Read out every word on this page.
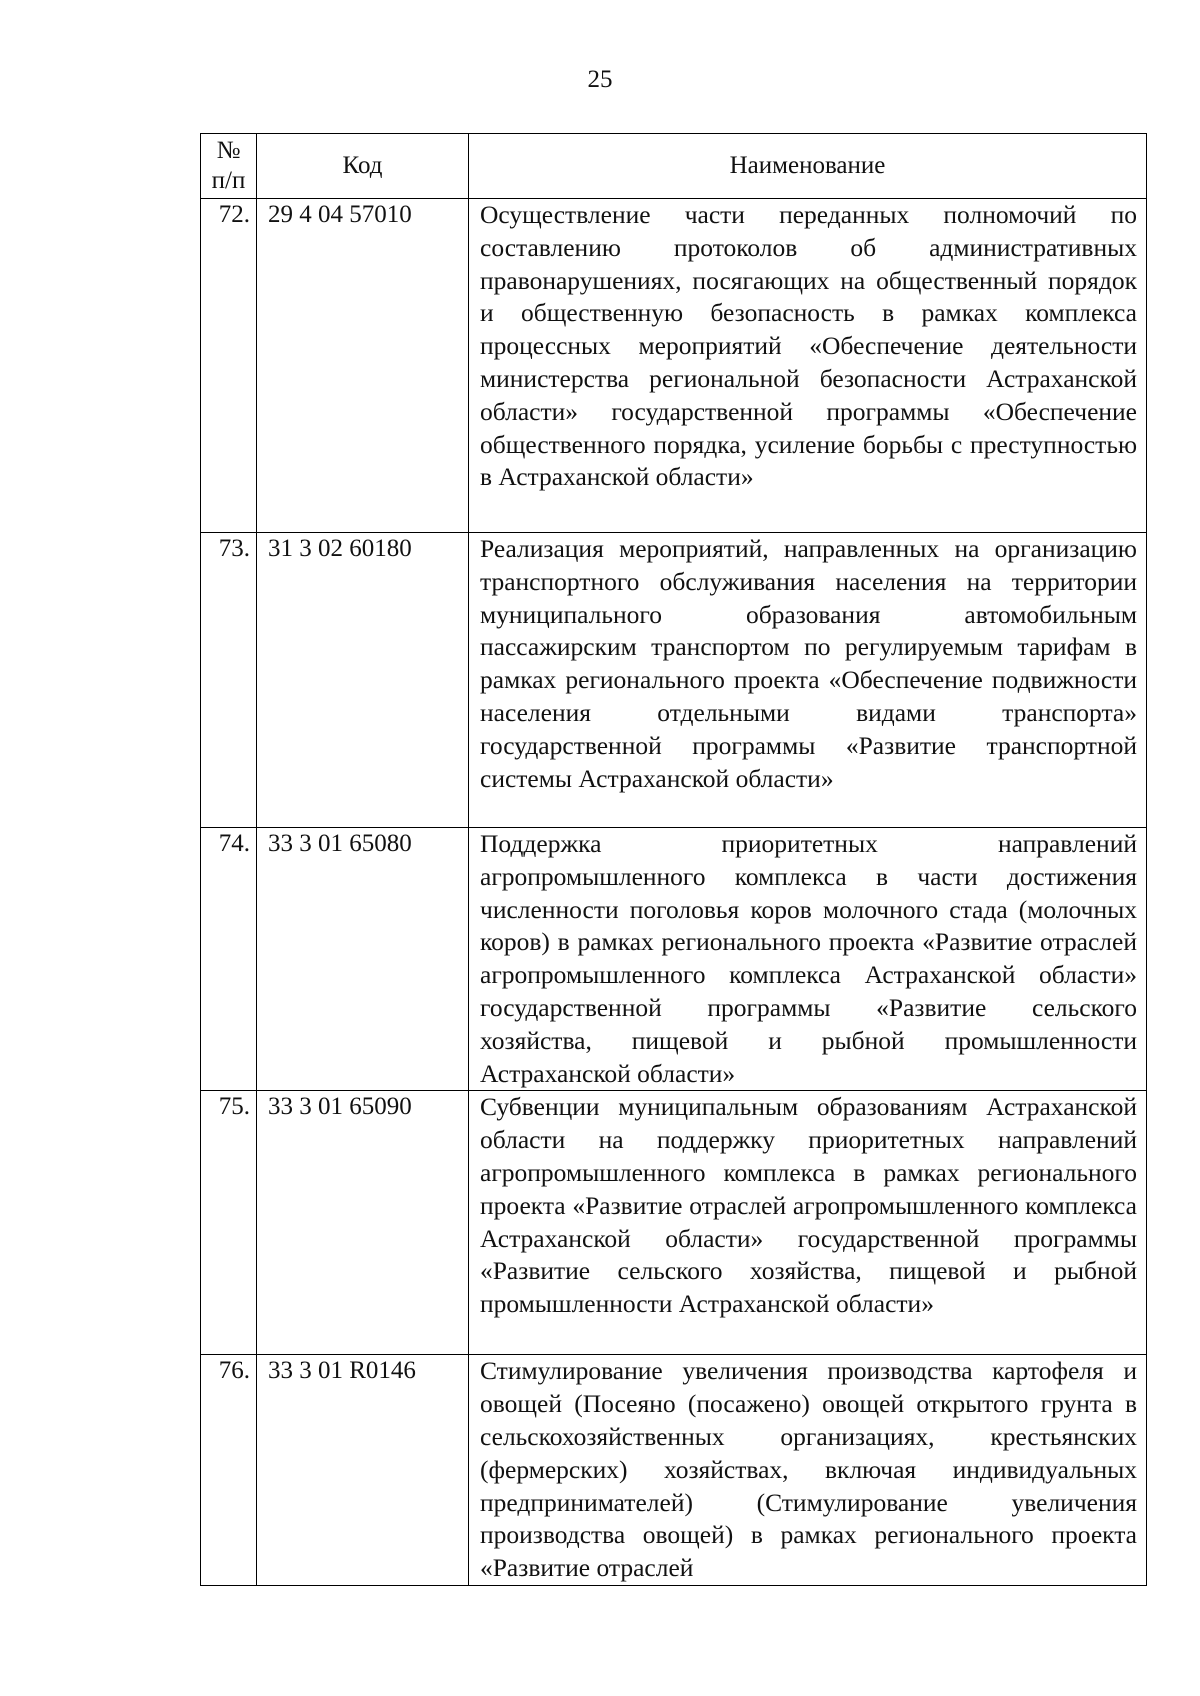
25
№
п/п	Код	Наименование
72.	29 4 04 57010	Осуществление части переданных полномочий по составлению протоколов об административных правонарушениях, посягающих на общественный порядок и общественную безопасность в рамках комплекса процессных мероприятий «Обеспечение деятельности министерства региональной безопасности Астраханской области» государственной программы «Обеспечение общественного порядка, усиление борьбы с преступностью в Астраханской области»
73.	31 3 02 60180	Реализация мероприятий, направленных на организацию транспортного обслуживания населения на территории муниципального образования автомобильным пассажирским транспортом по регулируемым тарифам в рамках регионального проекта «Обеспечение подвижности населения отдельными видами транспорта» государственной программы «Развитие транспортной системы Астраханской области»
74.	33 3 01 65080	Поддержка приоритетных направлений агропромышленного комплекса в части достижения численности поголовья коров молочного стада (молочных коров) в рамках регионального проекта «Развитие отраслей агропромышленного комплекса Астраханской области» государственной программы «Развитие сельского хозяйства, пищевой и рыбной промышленности Астраханской области»
75.	33 3 01 65090	Субвенции муниципальным образованиям Астраханской области на поддержку приоритетных направлений агропромышленного комплекса в рамках регионального проекта «Развитие отраслей агропромышленного комплекса Астраханской области» государственной программы «Развитие сельского хозяйства, пищевой и рыбной промышленности Астраханской области»
76.	33 3 01 R0146	Стимулирование увеличения производства картофеля и овощей (Посеяно (посажено) овощей открытого грунта в сельскохозяйственных организациях, крестьянских (фермерских) хозяйствах, включая индивидуальных предпринимателей) (Стимулирование увеличения производства овощей) в рамках регионального проекта «Развитие отраслей
